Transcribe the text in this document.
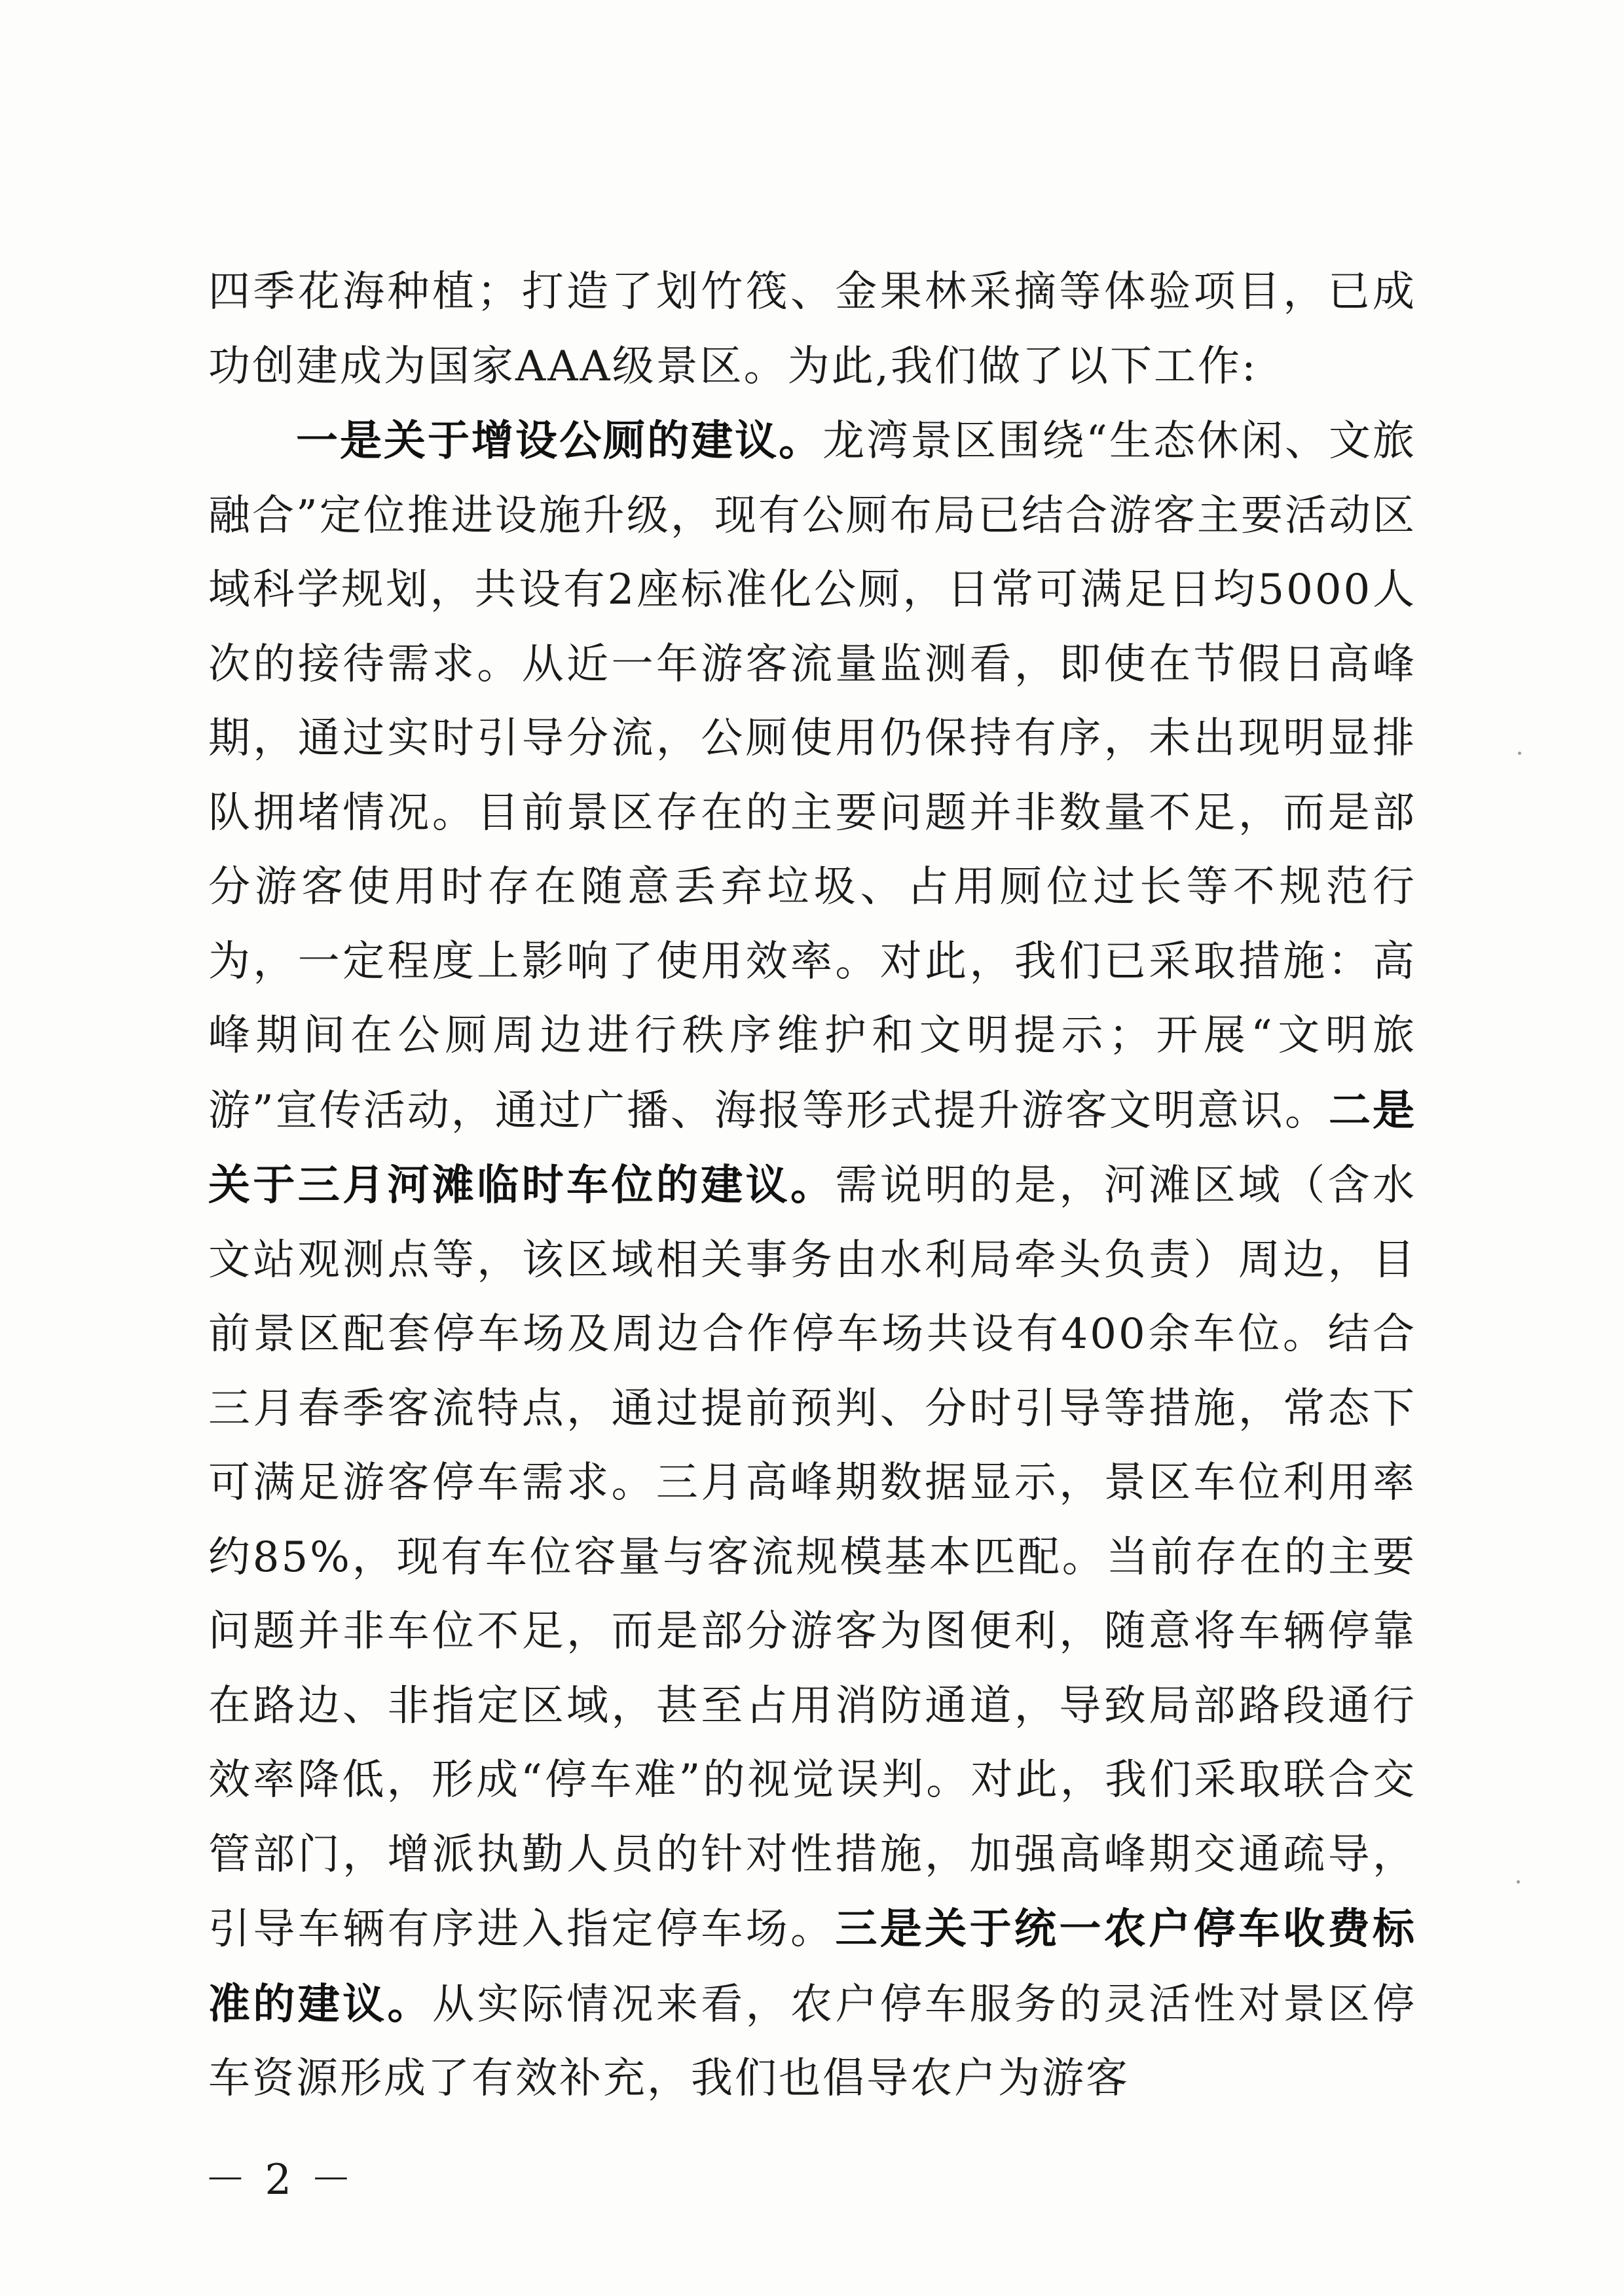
四季花海种植；打造了划竹筏、金果林采摘等体验项目，已成功创建成为国家AAA级景区。为此,我们做了以下工作:

一是关于增设公厕的建议。龙湾景区围绕“生态休闲、文旅融合”定位推进设施升级，现有公厕布局已结合游客主要活动区域科学规划，共设有2座标准化公厕，日常可满足日均5000人次的接待需求。从近一年游客流量监测看，即使在节假日高峰期，通过实时引导分流，公厕使用仍保持有序，未出现明显排队拥堵情况。目前景区存在的主要问题并非数量不足，而是部分游客使用时存在随意丢弃垃圾、占用厕位过长等不规范行为，一定程度上影响了使用效率。对此，我们已采取措施：高峰期间在公厕周边进行秩序维护和文明提示；开展“文明旅游”宣传活动，通过广播、海报等形式提升游客文明意识。二是关于三月河滩临时车位的建议。需说明的是，河滩区域（含水文站观测点等，该区域相关事务由水利局牵头负责）周边，目前景区配套停车场及周边合作停车场共设有400余车位。结合三月春季客流特点，通过提前预判、分时引导等措施，常态下可满足游客停车需求。三月高峰期数据显示，景区车位利用率约85%，现有车位容量与客流规模基本匹配。当前存在的主要问题并非车位不足，而是部分游客为图便利，随意将车辆停靠在路边、非指定区域，甚至占用消防通道，导致局部路段通行效率降低，形成“停车难”的视觉误判。对此，我们采取联合交管部门，增派执勤人员的针对性措施，加强高峰期交通疏导，引导车辆有序进入指定停车场。三是关于统一农户停车收费标准的建议。从实际情况来看，农户停车服务的灵活性对景区停车资源形成了有效补充，我们也倡导农户为游客

－ 2 －
